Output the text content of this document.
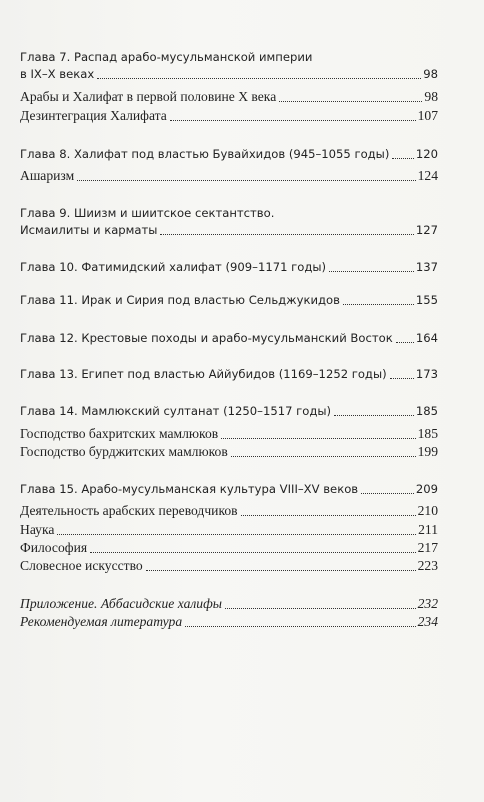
Глава 7. Распад арабо-мусульманской империи
в IX–X веках	98
Арабы и Халифат в первой половине X века	98
Дезинтеграция Халифата	107
Глава 8. Халифат под властью Бувайхидов (945–1055 годы) 120
Ашаризм	124
Глава 9. Шиизм и шиитское сектантство.
Исмаилиты и карматы	127
Глава 10. Фатимидский халифат (909–1171 годы)	137
Глава 11. Ирак и Сирия под властью Сельджукидов	155
Глава 12. Крестовые походы и арабо-мусульманский Восток 164
Глава 13. Египет под властью Аййубидов (1169–1252 годы)	173
Глава 14. Мамлюкский султанат (1250–1517 годы)	185
Господство бахритских мамлюков	185
Господство бурджитских мамлюков	199
Глава 15. Арабо-мусульманская культура VIII–XV веков	209
Деятельность арабских переводчиков	210
Наука	211
Философия	217
Словесное искусство	223
Приложение. Аббасидские халифы	232
Рекомендуемая литература	234
